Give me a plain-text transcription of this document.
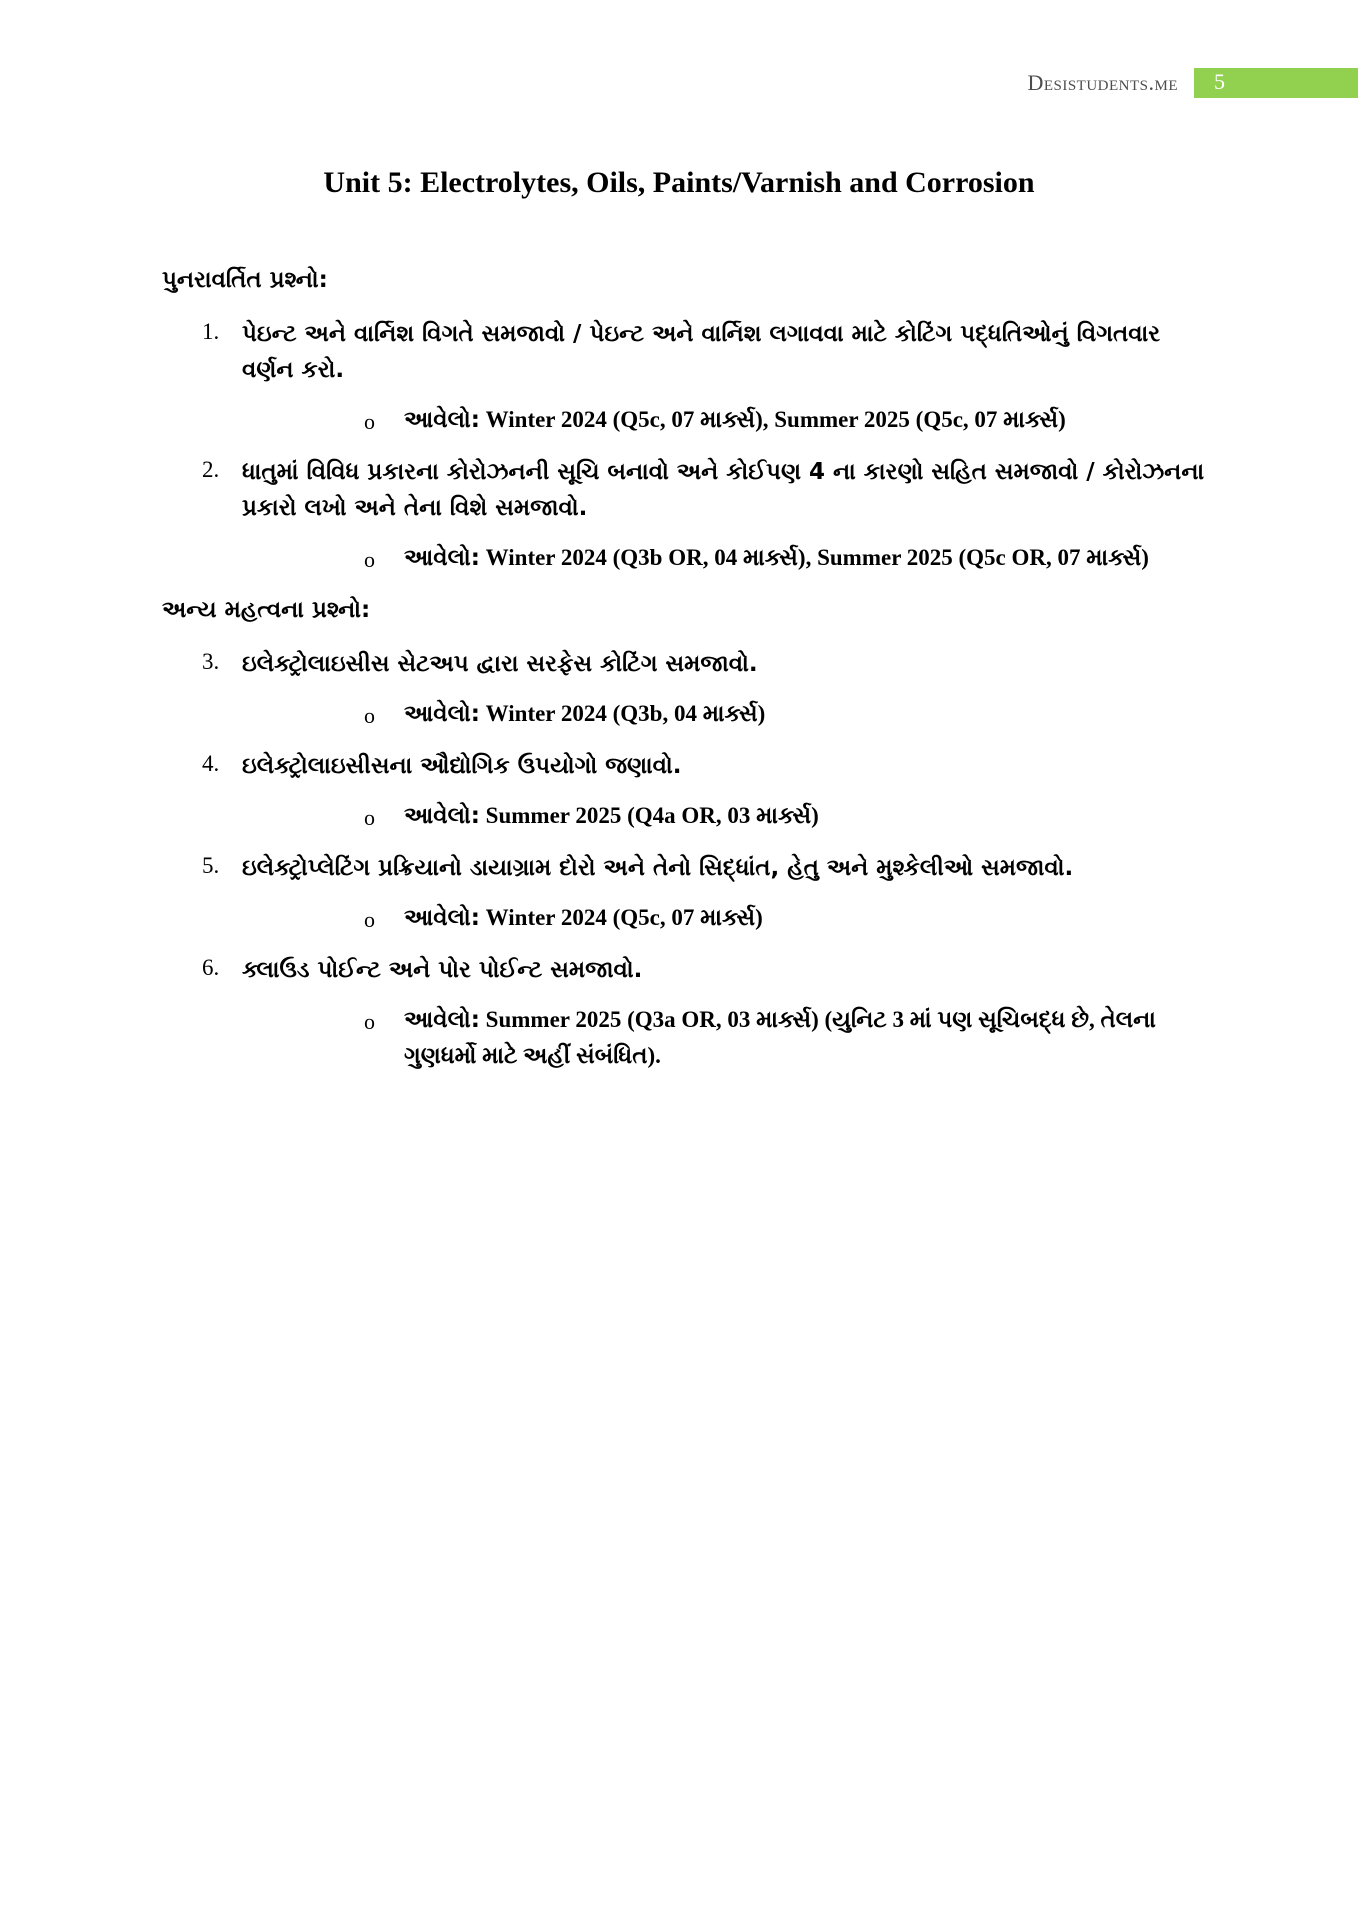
Desistudents.me	5
Unit 5: Electrolytes, Oils, Paints/Varnish and Corrosion
પુનરાવર્તિત પ્રશ્નો:
1. પેઇન્ટ અને વાર્નિશ વિગતે સમજાવો / પેઇન્ટ અને વાર્નિશ લગાવવા માટે કોટિંગ પદ્ધતિઓનું વિગતવાર વર્ણન કરો.
o આવેલો: Winter 2024 (Q5c, 07 માર્ક્સ), Summer 2025 (Q5c, 07 માર્ક્સ)
2. ધાતુમાં વિવિધ પ્રકારના કોરોઝનની સૂચિ બનાવો અને કોઈપણ 4 ના કારણો સહિત સમજાવો / કોરોઝનના પ્રકારો લખો અને તેના વિશે સમજાવો.
o આવેલો: Winter 2024 (Q3b OR, 04 માર્ક્સ), Summer 2025 (Q5c OR, 07 માર્ક્સ)
અન્ય મહત્વના પ્રશ્નો:
3. ઇલેક્ટ્રોલાઇસીસ સેટઅપ દ્વારા સરફેસ કોટિંગ સમજાવો.
o આવેલો: Winter 2024 (Q3b, 04 માર્ક્સ)
4. ઇલેક્ટ્રોલાઇસીસના ઔદ્યોગિક ઉપયોગો જણાવો.
o આવેલો: Summer 2025 (Q4a OR, 03 માર્ક્સ)
5. ઇલેક્ટ્રોપ્લેટિંગ પ્રક્રિયાનો ડાયાગ્રામ દોરો અને તેનો સિદ્ધાંત, હેતુ અને મુશ્કેલીઓ સમજાવો.
o આવેલો: Winter 2024 (Q5c, 07 માર્ક્સ)
6. ક્લાઉડ પોઈન્ટ અને પોર પોઈન્ટ સમજાવો.
o આવેલો: Summer 2025 (Q3a OR, 03 માર્ક્સ) (યુનિટ 3 માં પણ સૂચિબદ્ધ છે, તેલના ગુણધર્મો માટે અહીં સંબંધિત).
